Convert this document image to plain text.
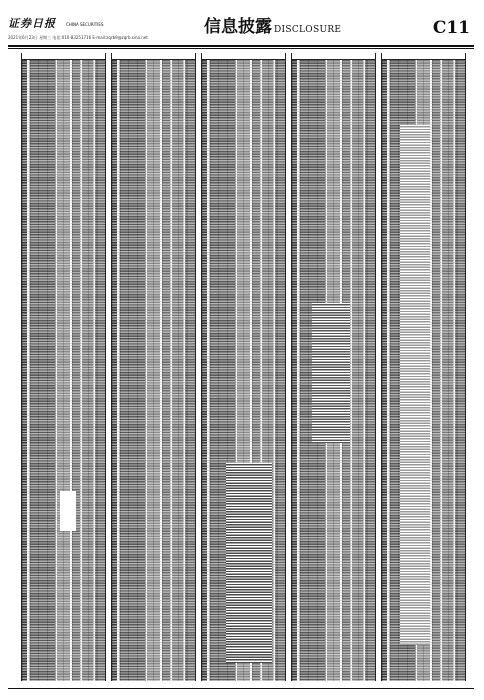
证券日报	CHINA SECURITIES
2021年6月23日 星期三 电话:010-83251716 E-mail:zqrb9@zqrb.sina.net
信息披露 DISCLOSURE	C11
